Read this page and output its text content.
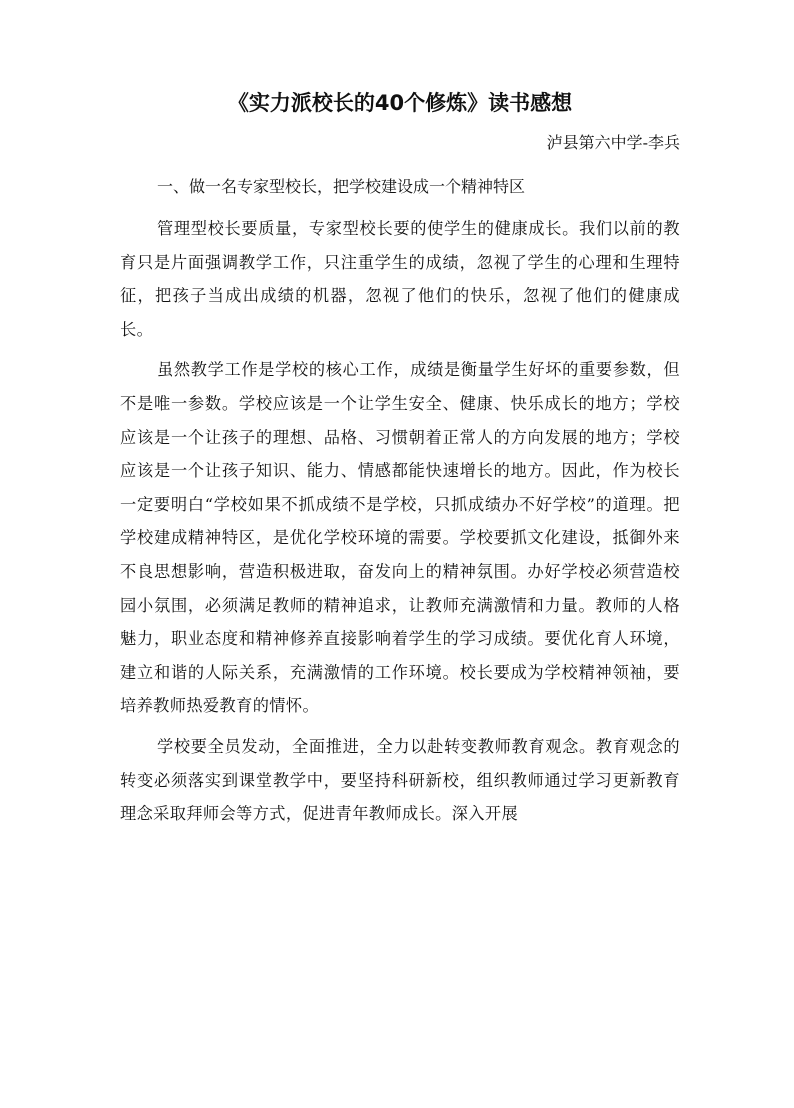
《实力派校长的40个修炼》读书感想

泸县第六中学-李兵

一、做一名专家型校长，把学校建设成一个精神特区

管理型校长要质量，专家型校长要的使学生的健康成长。我们以前的教育只是片面强调教学工作，只注重学生的成绩，忽视了学生的心理和生理特征，把孩子当成出成绩的机器，忽视了他们的快乐，忽视了他们的健康成长。

虽然教学工作是学校的核心工作，成绩是衡量学生好坏的重要参数，但不是唯一参数。学校应该是一个让学生安全、健康、快乐成长的地方；学校应该是一个让孩子的理想、品格、习惯朝着正常人的方向发展的地方；学校应该是一个让孩子知识、能力、情感都能快速增长的地方。因此，作为校长一定要明白“学校如果不抓成绩不是学校，只抓成绩办不好学校”的道理。把学校建成精神特区，是优化学校环境的需要。学校要抓文化建设，抵御外来不良思想影响，营造积极进取，奋发向上的精神氛围。办好学校必须营造校园小氛围，必须满足教师的精神追求，让教师充满激情和力量。教师的人格魅力，职业态度和精神修养直接影响着学生的学习成绩。要优化育人环境，建立和谐的人际关系，充满激情的工作环境。校长要成为学校精神领袖，要培养教师热爱教育的情怀。

学校要全员发动，全面推进，全力以赴转变教师教育观念。教育观念的转变必须落实到课堂教学中，要坚持科研新校，组织教师通过学习更新教育理念采取拜师会等方式，促进青年教师成长。深入开展
